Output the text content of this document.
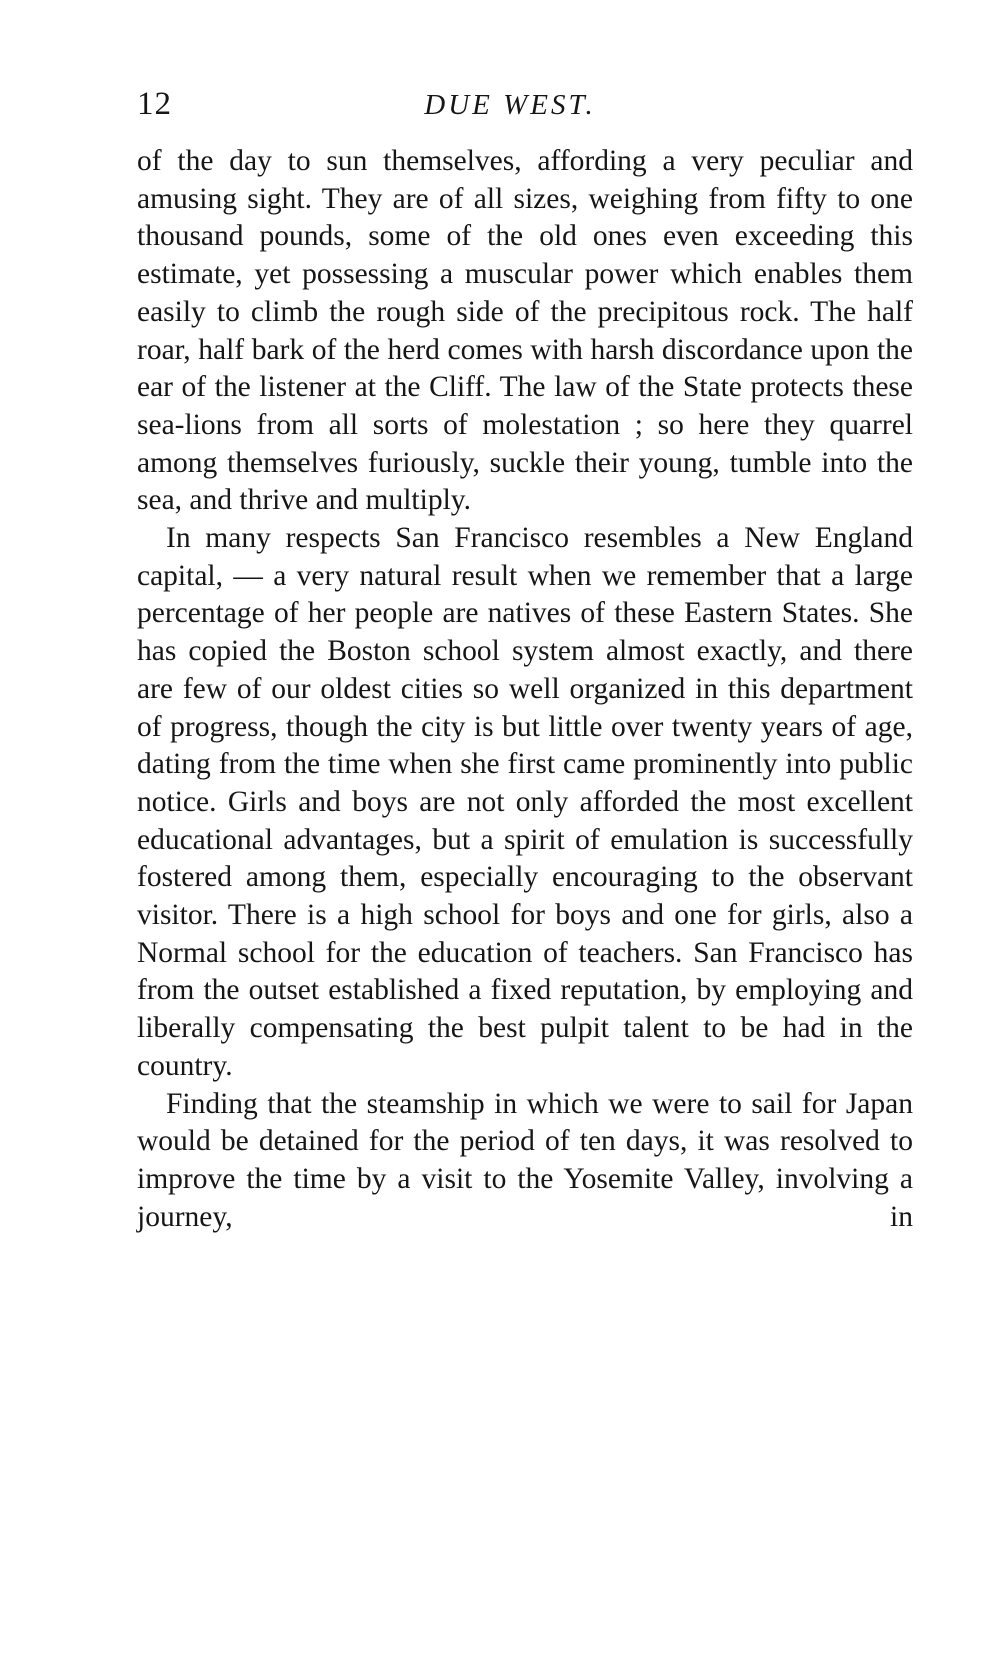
12	DUE WEST.

of the day to sun themselves, affording a very peculiar and amusing sight. They are of all sizes, weighing from fifty to one thousand pounds, some of the old ones even exceeding this estimate, yet possessing a muscular power which enables them easily to climb the rough side of the precipitous rock. The half roar, half bark of the herd comes with harsh discordance upon the ear of the listener at the Cliff. The law of the State protects these sea-lions from all sorts of molestation ; so here they quarrel among themselves furiously, suckle their young, tumble into the sea, and thrive and multiply.

In many respects San Francisco resembles a New England capital, — a very natural result when we remember that a large percentage of her people are natives of these Eastern States. She has copied the Boston school system almost exactly, and there are few of our oldest cities so well organized in this department of progress, though the city is but little over twenty years of age, dating from the time when she first came prominently into public notice. Girls and boys are not only afforded the most excellent educational advantages, but a spirit of emulation is successfully fostered among them, especially encouraging to the observant visitor. There is a high school for boys and one for girls, also a Normal school for the education of teachers. San Francisco has from the outset established a fixed reputation, by employing and liberally compensating the best pulpit talent to be had in the country.

Finding that the steamship in which we were to sail for Japan would be detained for the period of ten days, it was resolved to improve the time by a visit to the Yosemite Valley, involving a journey, in
